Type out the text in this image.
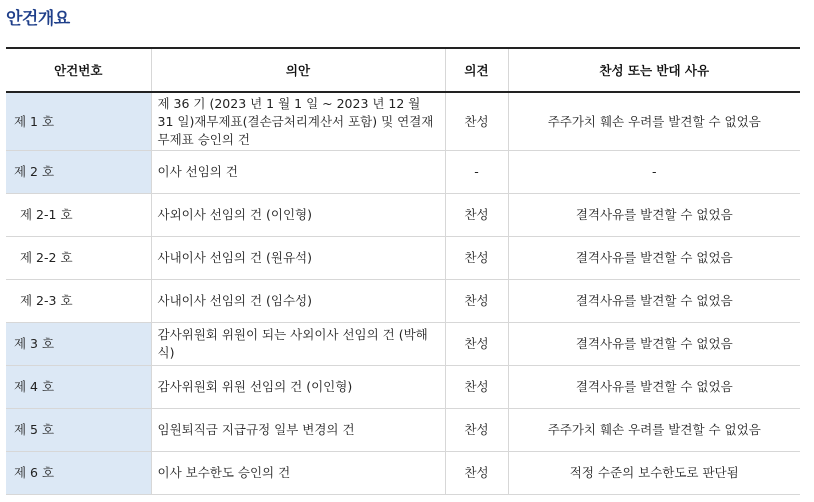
안건개요
안건번호	의안	의견	찬성 또는 반대 사유
제 1 호	제 36 기 (2023 년 1 월 1 일 ~ 2023 년 12 월 31 일)재무제표(결손금처리계산서 포함) 및 연결재무제표 승인의 건	찬성	주주가치 훼손 우려를 발견할 수 없었음
제 2 호	이사 선임의 건	-	-
제 2-1 호	사외이사 선임의 건 (이인형)	찬성	결격사유를 발견할 수 없었음
제 2-2 호	사내이사 선임의 건 (원유석)	찬성	결격사유를 발견할 수 없었음
제 2-3 호	사내이사 선임의 건 (임수성)	찬성	결격사유를 발견할 수 없었음
제 3 호	감사위원회 위원이 되는 사외이사 선임의 건 (박해식)	찬성	결격사유를 발견할 수 없었음
제 4 호	감사위원회 위원 선임의 건 (이인형)	찬성	결격사유를 발견할 수 없었음
제 5 호	임원퇴직금 지급규정 일부 변경의 건	찬성	주주가치 훼손 우려를 발견할 수 없었음
제 6 호	이사 보수한도 승인의 건	찬성	적정 수준의 보수한도로 판단됨
